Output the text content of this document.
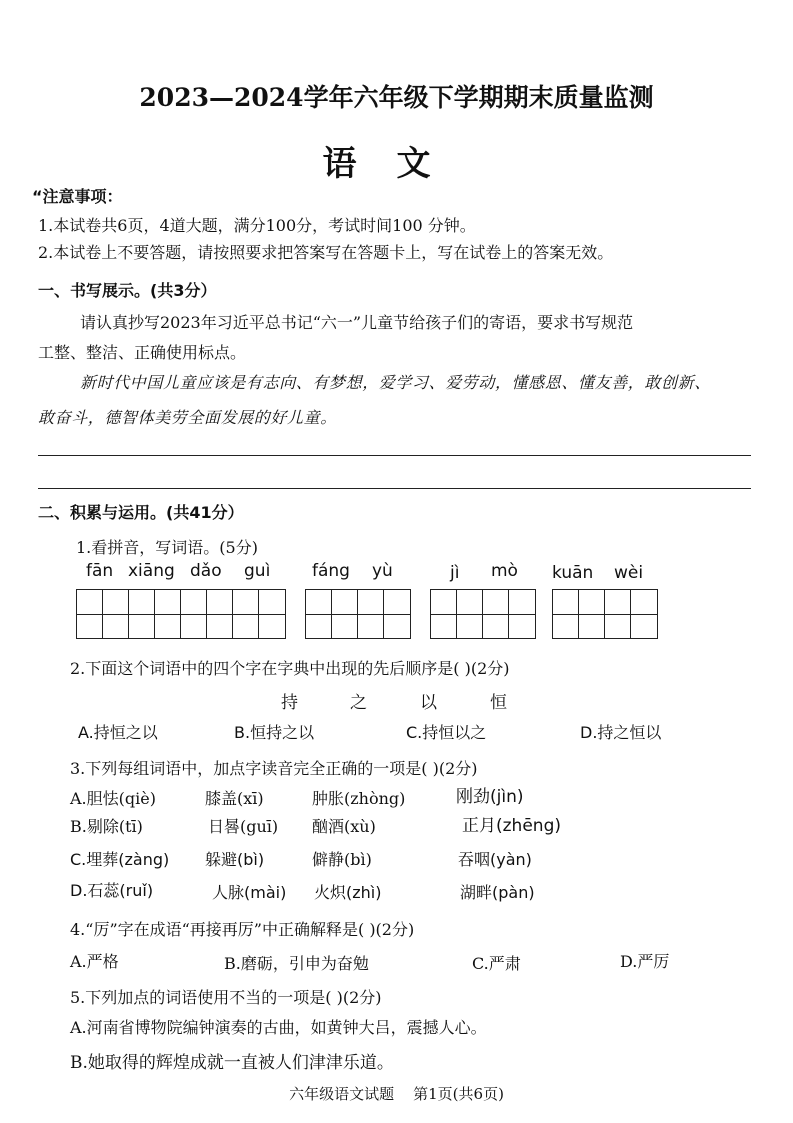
2023—2024学年六年级下学期期末质量监测
语文
“注意事项：
1.本试卷共6页，4道大题，满分100分，考试时间100 分钟。
2.本试卷上不要答题，请按照要求把答案写在答题卡上，写在试卷上的答案无效。
一、书写展示。(共3分）
请认真抄写2023年习近平总书记“六一”儿童节给孩子们的寄语，要求书写规范
工整、整洁、正确使用标点。
新时代中国儿童应该是有志向、有梦想，爱学习、爱劳动，懂感恩、懂友善，敢创新、
敢奋斗，德智体美劳全面发展的好儿童。
二、积累与运用。(共41分）
1.看拼音，写词语。(5分)
fān xiāng dǎo guì fáng yù	jì mò kuān wèi
2.下面这个词语中的四个字在字典中出现的先后顺序是( )(2分)
持	之	以	恒
A.持恒之以	B.恒持之以	C.持恒以之	D.持之恒以
3.下列每组词语中，加点字读音完全正确的一项是( )(2分)
A.胆怯(qiè)	膝盖(xī)	肿胀(zhòng)	刚劲(jìn)
B.剔除(tī)	日晷(guī) 酗酒(xù)	正月(zhēng)
C.埋葬(zàng) 躲避(bì)	僻静(bì)	吞咽(yàn)
D.石蕊(ruǐ)	人脉(mài) 火炽(zhì)	湖畔(pàn)
4.“厉”字在成语“再接再厉”中正确解释是( )(2分)
A.严格	B.磨砺，引申为奋勉	C.严肃	D.严厉
5.下列加点的词语使用不当的一项是( )(2分)
A.河南省博物院编钟演奏的古曲，如黄钟大吕，震撼人心。
B.她取得的辉煌成就一直被人们津津乐道。
六年级语文试题    第1页(共6页)
